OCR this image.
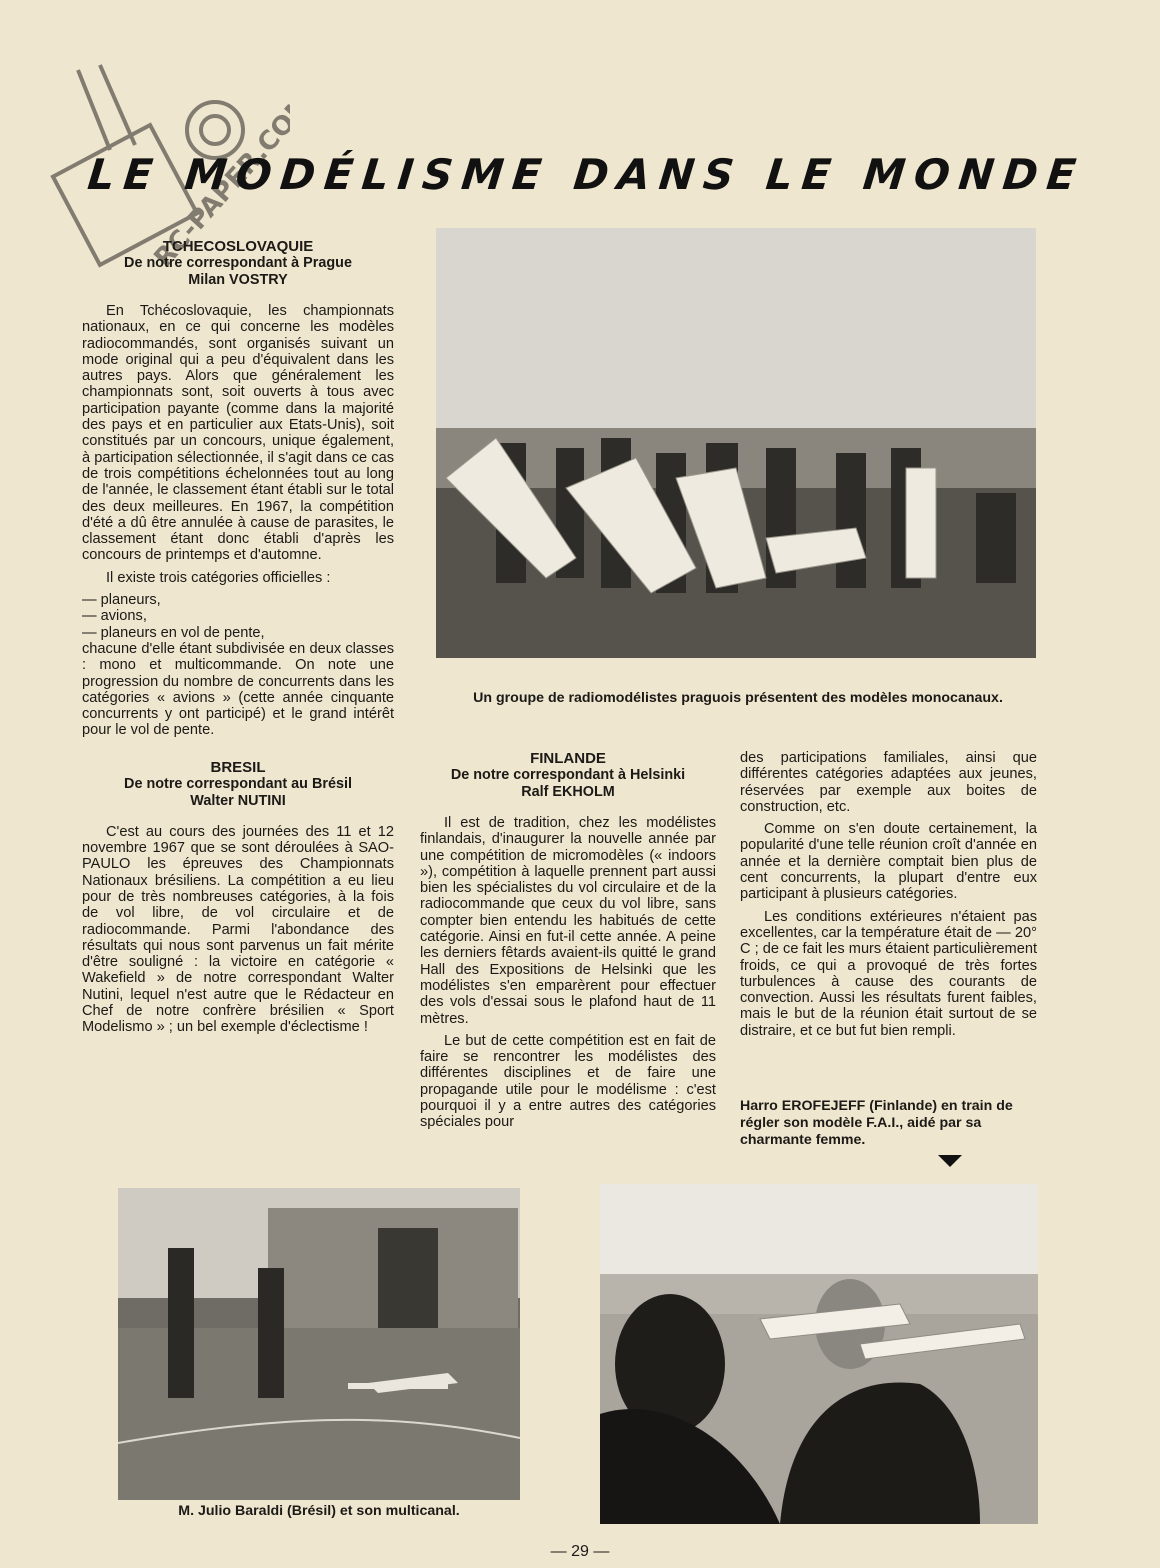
RC-PAPER.COM
LE MODÉLISME DANS LE MONDE
TCHECOSLOVAQUIE
De notre correspondant à Prague
Milan VOSTRY

En Tchécoslovaquie, les championnats nationaux, en ce qui concerne les modèles radiocommandés, sont organisés suivant un mode original qui a peu d'équivalent dans les autres pays. Alors que généralement les championnats sont, soit ouverts à tous avec participation payante (comme dans la majorité des pays et en particulier aux Etats-Unis), soit constitués par un concours, unique également, à participation sélectionnée, il s'agit dans ce cas de trois compétitions échelonnées tout au long de l'année, le classement étant établi sur le total des deux meilleures. En 1967, la compétition d'été a dû être annulée à cause de parasites, le classement étant donc établi d'après les concours de printemps et d'automne.

Il existe trois catégories officielles :

— planeurs,
— avions,
— planeurs en vol de pente,

chacune d'elle étant subdivisée en deux classes : mono et multicommande. On note une progression du nombre de concurrents dans les catégories « avions » (cette année cinquante concurrents y ont participé) et le grand intérêt pour le vol de pente.

BRESIL
De notre correspondant au Brésil
Walter NUTINI

C'est au cours des journées des 11 et 12 novembre 1967 que se sont déroulées à SAO-PAULO les épreuves des Championnats Nationaux brésiliens. La compétition a eu lieu pour de très nombreuses catégories, à la fois de vol libre, de vol circulaire et de radiocommande. Parmi l'abondance des résultats qui nous sont parvenus un fait mérite d'être souligné : la victoire en catégorie « Wakefield » de notre correspondant Walter Nutini, lequel n'est autre que le Rédacteur en Chef de notre confrère brésilien « Sport Modelismo » ; un bel exemple d'éclectisme !

Un groupe de radiomodélistes praguois présentent des modèles monocanaux.
FINLANDE
De notre correspondant à Helsinki
Ralf EKHOLM

Il est de tradition, chez les modélistes finlandais, d'inaugurer la nouvelle année par une compétition de micromodèles (« indoors »), compétition à laquelle prennent part aussi bien les spécialistes du vol circulaire et de la radiocommande que ceux du vol libre, sans compter bien entendu les habitués de cette catégorie. Ainsi en fut-il cette année. A peine les derniers fêtards avaient-ils quitté le grand Hall des Expositions de Helsinki que les modélistes s'en emparèrent pour effectuer des vols d'essai sous le plafond haut de 11 mètres.

Le but de cette compétition est en fait de faire se rencontrer les modélistes des différentes disciplines et de faire une propagande utile pour le modélisme : c'est pourquoi il y a entre autres des catégories spéciales pour

des participations familiales, ainsi que différentes catégories adaptées aux jeunes, réservées par exemple aux boites de construction, etc.

Comme on s'en doute certainement, la popularité d'une telle réunion croît d'année en année et la dernière comptait bien plus de cent concurrents, la plupart d'entre eux participant à plusieurs catégories.

Les conditions extérieures n'étaient pas excellentes, car la température était de — 20° C ; de ce fait les murs étaient particulièrement froids, ce qui a provoqué de très fortes turbulences à cause des courants de convection. Aussi les résultats furent faibles, mais le but de la réunion était surtout de se distraire, et ce but fut bien rempli.

Harro EROFEJEFF (Finlande) en train de régler son modèle F.A.I., aidé par sa charmante femme.
M. Julio Baraldi (Brésil) et son multicanal.
— 29 —
